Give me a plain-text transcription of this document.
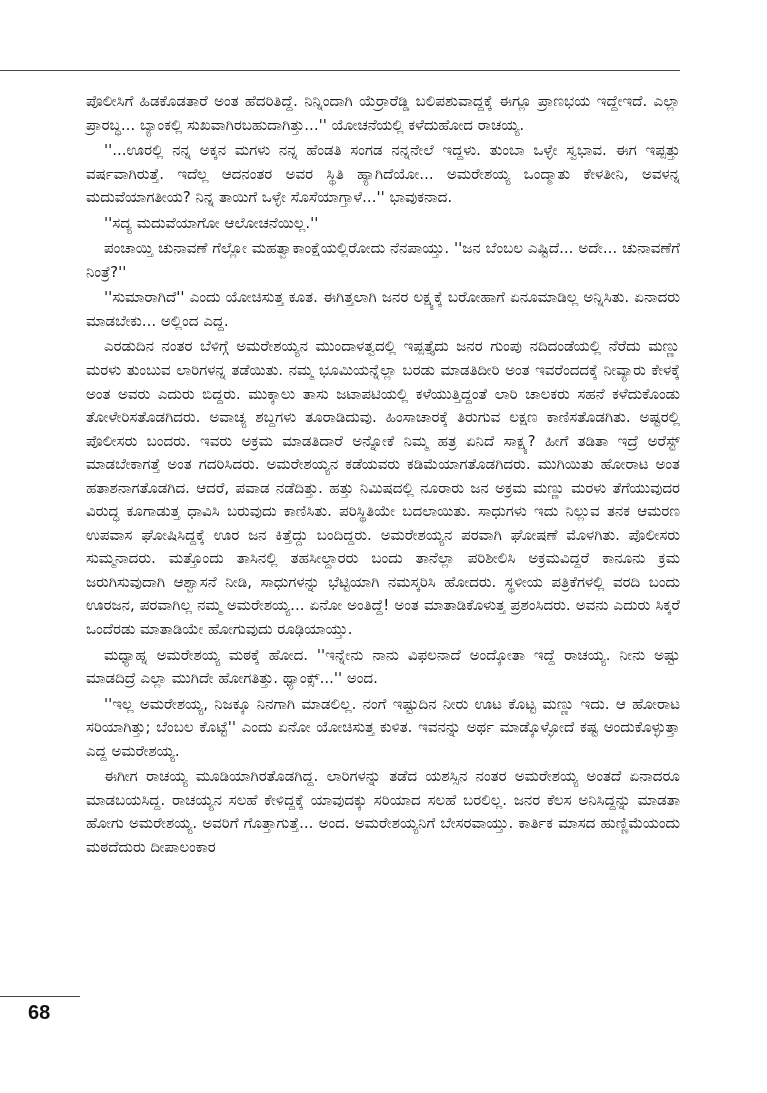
ಪೊಲೀಸಿಗೆ ಹಿಡಕೊಡತಾರೆ ಅಂತ ಹೆದರಿತಿದ್ದೆ. ನಿನ್ನಿಂದಾಗಿ ಯೆರ್ರಾರೆಡ್ಡಿ ಬಲಿಪಶುವಾದ್ದಕ್ಕೆ ಈಗ್ಲೂ ಪ್ರಾಣಭಯ ಇದ್ದೇಇದೆ. ಎಲ್ಲಾ ಪ್ರಾರಬ್ಧ... ಬ್ಯಾಂಕಲ್ಲಿ ಸುಖವಾಗಿರಬಹುದಾಗಿತ್ತು...'' ಯೋಚನೆಯಲ್ಲಿ ಕಳೆದುಹೋದ ರಾಚಯ್ಯ.

''...ಊರಲ್ಲಿ ನನ್ನ ಅಕ್ಕನ ಮಗಳು ನನ್ನ ಹೆಂಡತಿ ಸಂಗಡ ನನ್ನನೇಲೆ ಇದ್ದಳು. ತುಂಬಾ ಒಳ್ಳೇ ಸ್ವಭಾವ. ಈಗ ಇಪ್ಪತ್ತು ವರ್ಷವಾಗಿರುತ್ತೆ. ಇದೆಲ್ಲ ಆದನಂತರ ಅವರ ಸ್ಥಿತಿ ಹ್ಯಾಗಿದೆಯೋ... ಅಮರೇಶಯ್ಯ ಒಂದ್ಮಾತು ಕೇಳತೀನಿ, ಅವಳನ್ನ ಮದುವೆಯಾಗತೀಯ? ನಿನ್ನ ತಾಯಿಗೆ ಒಳ್ಳೇ ಸೊಸೆಯಾಗ್ತಾಳೆ...'' ಭಾವುಕನಾದ.

''ಸದ್ಯ ಮದುವೆಯಾಗೋ ಆಲೋಚನೆಯಿಲ್ಲ.''

ಪಂಚಾಯ್ತಿ ಚುನಾವಣೆ ಗೆಲ್ಲೋ ಮಹತ್ವಾಕಾಂಕ್ಷೆಯಲ್ಲಿರೋದು ನೆನಪಾಯ್ತು. ''ಜನ ಬೆಂಬಲ ಎಷ್ಟಿದೆ... ಅದೇ... ಚುನಾವಣೆಗೆ ನಿಂತ್ರೆ?''

''ಸುಮಾರಾಗಿದೆ'' ಎಂದು ಯೋಚಿಸುತ್ತ ಕೂತ. ಈಗಿತ್ತಲಾಗಿ ಜನರ ಲಕ್ಷ್ಯಕ್ಕೆ ಬರೋಹಾಗೆ ಏನೂಮಾಡಿಲ್ಲ ಅನ್ನಿಸಿತು. ಏನಾದರು ಮಾಡಬೇಕು... ಅಲ್ಲಿಂದ ಎದ್ದ.

ಎರಡುದಿನ ನಂತರ ಬೆಳಿಗ್ಗೆ ಅಮರೇಶಯ್ಯನ ಮುಂದಾಳತ್ವದಲ್ಲಿ ಇಪ್ಪತ್ತೈದು ಜನರ ಗುಂಪು ನದಿದಂಡೆಯಲ್ಲಿ ನೆರೆದು ಮಣ್ಣು ಮರಳು ತುಂಬುವ ಲಾರಿಗಳನ್ನ ತಡೆಯಿತು. ನಮ್ಮ ಭೂಮಿಯನ್ನೆಲ್ಲಾ ಬರಡು ಮಾಡತಿದೀರಿ ಅಂತ ಇವರೆಂದದಕ್ಕೆ ನೀವ್ಯಾರು ಕೇಳಕ್ಕೆ ಅಂತ ಅವರು ಎದುರು ಬಿದ್ದರು. ಮುಕ್ಕಾಲು ತಾಸು ಜಟಾಪಟಿಯಲ್ಲಿ ಕಳೆಯುತ್ತಿದ್ದಂತೆ ಲಾರಿ ಚಾಲಕರು ಸಹನೆ ಕಳೆದುಕೊಂಡು ತೋಳೇರಿಸತೊಡಗಿದರು. ಅವಾಚ್ಯ ಶಬ್ದಗಳು ತೂರಾಡಿದುವು. ಹಿಂಸಾಚಾರಕ್ಕೆ ತಿರುಗುವ ಲಕ್ಷಣ ಕಾಣಿಸತೊಡಗಿತು. ಅಷ್ಟರಲ್ಲಿ ಪೊಲೀಸರು ಬಂದರು. ಇವರು ಅಕ್ರಮ ಮಾಡತಿದಾರೆ ಅನ್ನೋಕೆ ನಿಮ್ಮ ಹತ್ರ ಏನಿದೆ ಸಾಕ್ಷ್ಯ? ಹೀಗೆ ತಡಿತಾ ಇದ್ರೆ ಅರೆಸ್ಟ್ ಮಾಡಬೇಕಾಗತ್ತೆ ಅಂತ ಗದರಿಸಿದರು. ಅಮರೇಶಯ್ಯನ ಕಡೆಯವರು ಕಡಿಮೆಯಾಗತೊಡಗಿದರು. ಮುಗಿಯಿತು ಹೋರಾಟ ಅಂತ ಹತಾಶನಾಗತೊಡಗಿದ. ಆದರೆ, ಪವಾಡ ನಡೆದಿತ್ತು. ಹತ್ತು ನಿಮಿಷದಲ್ಲಿ ನೂರಾರು ಜನ ಅಕ್ರಮ ಮಣ್ಣು ಮರಳು ತೆಗೆಯುವುದರ ವಿರುದ್ಧ ಕೂಗಾಡುತ್ತ ಧಾವಿಸಿ ಬರುವುದು ಕಾಣಿಸಿತು. ಪರಿಸ್ಥಿತಿಯೇ ಬದಲಾಯಿತು. ಸಾಧುಗಳು ಇದು ನಿಲ್ಲುವ ತನಕ ಆಮರಣ ಉಪವಾಸ ಘೋಷಿಸಿದ್ದಕ್ಕೆ ಊರ ಜನ ಕಿತ್ತೆದ್ದು ಬಂದಿದ್ದರು. ಅಮರೇಶಯ್ಯನ ಪರವಾಗಿ ಘೋಷಣೆ ಮೊಳಗಿತು. ಪೊಲೀಸರು ಸುಮ್ಮನಾದರು. ಮತ್ತೊಂದು ತಾಸಿನಲ್ಲಿ ತಹಸೀಲ್ದಾರರು ಬಂದು ತಾನೆಲ್ಲಾ ಪರಿಶೀಲಿಸಿ ಅಕ್ರಮವಿದ್ದರೆ ಕಾನೂನು ಕ್ರಮ ಜರುಗಿಸುವುದಾಗಿ ಆಶ್ವಾಸನೆ ನೀಡಿ, ಸಾಧುಗಳನ್ನು ಭೆಟ್ಟಿಯಾಗಿ ನಮಸ್ಕರಿಸಿ ಹೋದರು. ಸ್ಥಳೀಯ ಪತ್ರಿಕೆಗಳಲ್ಲಿ ವರದಿ ಬಂದು ಊರಜನ, ಪರವಾಗಿಲ್ಲ ನಮ್ಮ ಅಮರೇಶಯ್ಯ... ಏನೋ ಅಂತಿದ್ದೆ! ಅಂತ ಮಾತಾಡಿಕೊಳುತ್ತ ಪ್ರಶಂಸಿದರು. ಅವನು ಎದುರು ಸಿಕ್ಕರೆ ಒಂದೆರಡು ಮಾತಾಡಿಯೇ ಹೋಗುವುದು ರೂಢಿಯಾಯ್ತು.

ಮಧ್ಯಾಹ್ನ ಅಮರೇಶಯ್ಯ ಮಠಕ್ಕೆ ಹೋದ. ''ಇನ್ನೇನು ನಾನು ವಿಫಲನಾದೆ ಅಂದ್ಕೋತಾ ಇದ್ದೆ ರಾಚಯ್ಯ. ನೀನು ಅಷ್ಟು ಮಾಡದಿದ್ರೆ ಎಲ್ಲಾ ಮುಗಿದೇ ಹೋಗತಿತ್ತು. ಥ್ಯಾಂಕ್ಸ್...'' ಅಂದ.

''ಇಲ್ಲ ಅಮರೇಶಯ್ಯ, ನಿಜಕ್ಕೂ ನಿನಗಾಗಿ ಮಾಡಲಿಲ್ಲ. ನಂಗೆ ಇಷ್ಟುದಿನ ನೀರು ಊಟ ಕೊಟ್ಟ ಮಣ್ಣು ಇದು. ಆ ಹೋರಾಟ ಸರಿಯಾಗಿತ್ತು; ಬೆಂಬಲ ಕೊಟ್ಟೆ'' ಎಂದು ಏನೋ ಯೋಚಿಸುತ್ತ ಕುಳಿತ. ಇವನನ್ನು ಅರ್ಥ ಮಾಡ್ಕೊಳ್ಳೋದೆ ಕಷ್ಟ ಅಂದುಕೊಳ್ಳುತ್ತಾ ಎದ್ದ ಅಮರೇಶಯ್ಯ.

ಈಗೀಗ ರಾಚಯ್ಯ ಮೂಡಿಯಾಗಿರತೊಡಗಿದ್ದ. ಲಾರಿಗಳನ್ನು ತಡೆದ ಯಶಸ್ಸಿನ ನಂತರ ಅಮರೇಶಯ್ಯ ಅಂತದೆ ಏನಾದರೂ ಮಾಡಬಯಸಿದ್ದ. ರಾಚಯ್ಯನ ಸಲಹೆ ಕೇಳಿದ್ದಕ್ಕೆ ಯಾವುದಕ್ಕು ಸರಿಯಾದ ಸಲಹೆ ಬರಲಿಲ್ಲ. ಜನರ ಕೆಲಸ ಅನಿಸಿದ್ದನ್ನು ಮಾಡತಾ ಹೋಗು ಅಮರೇಶಯ್ಯ. ಅವರಿಗೆ ಗೊತ್ತಾಗುತ್ತೆ... ಅಂದ. ಅಮರೇಶಯ್ಯನಿಗೆ ಬೇಸರವಾಯ್ತು. ಕಾರ್ತಿಕ ಮಾಸದ ಹುಣ್ಣಿಮೆಯಂದು ಮಠದೆದುರು ದೀಪಾಲಂಕಾರ

68
